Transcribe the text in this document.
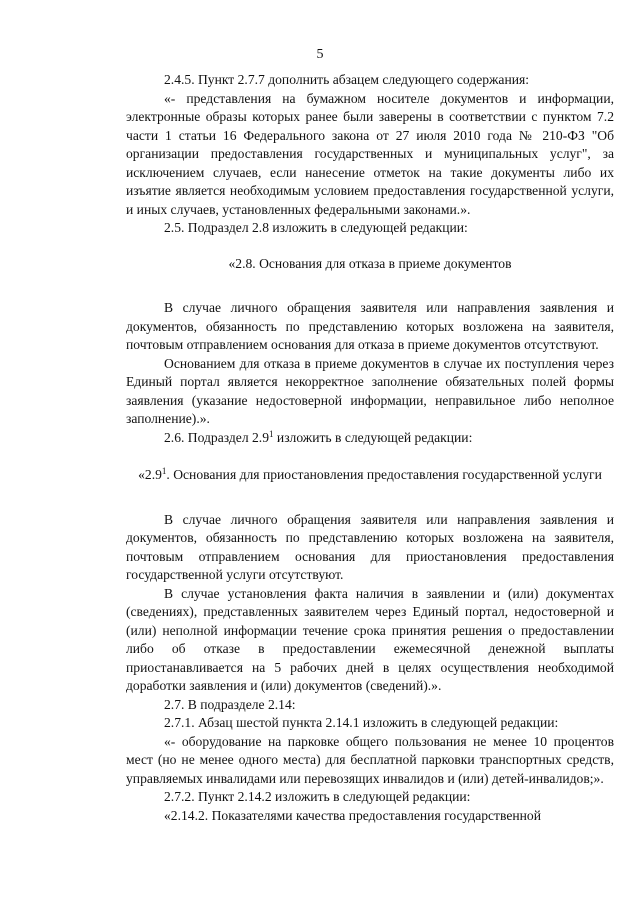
5

2.4.5. Пункт 2.7.7 дополнить абзацем следующего содержания:

«- представления на бумажном носителе документов и информации, электронные образы которых ранее были заверены в соответствии с пунктом 7.2 части 1 статьи 16 Федерального закона от 27 июля 2010 года № 210-ФЗ "Об организации предоставления государственных и муниципальных услуг", за исключением случаев, если нанесение отметок на такие документы либо их изъятие является необходимым условием предоставления государственной услуги, и иных случаев, установленных федеральными законами.».

2.5. Подраздел 2.8 изложить в следующей редакции:

«2.8. Основания для отказа в приеме документов

В случае личного обращения заявителя или направления заявления и документов, обязанность по представлению которых возложена на заявителя, почтовым отправлением основания для отказа в приеме документов отсутствуют.

Основанием для отказа в приеме документов в случае их поступления через Единый портал является некорректное заполнение обязательных полей формы заявления (указание недостоверной информации, неправильное либо неполное заполнение).».

2.6. Подраздел $2.9^1$ изложить в следующей редакции:

«$2.9^1$. Основания для приостановления предоставления государственной услуги

В случае личного обращения заявителя или направления заявления и документов, обязанность по представлению которых возложена на заявителя, почтовым отправлением основания для приостановления предоставления государственной услуги отсутствуют.

В случае установления факта наличия в заявлении и (или) документах (сведениях), представленных заявителем через Единый портал, недостоверной и (или) неполной информации течение срока принятия решения о предоставлении либо об отказе в предоставлении ежемесячной денежной выплаты приостанавливается на 5 рабочих дней в целях осуществления необходимой доработки заявления и (или) документов (сведений).».

2.7. В подразделе 2.14:

2.7.1. Абзац шестой пункта 2.14.1 изложить в следующей редакции:

«- оборудование на парковке общего пользования не менее 10 процентов мест (но не менее одного места) для бесплатной парковки транспортных средств, управляемых инвалидами или перевозящих инвалидов и (или) детей-инвалидов;».

2.7.2. Пункт 2.14.2 изложить в следующей редакции:

«2.14.2. Показателями качества предоставления государственной
